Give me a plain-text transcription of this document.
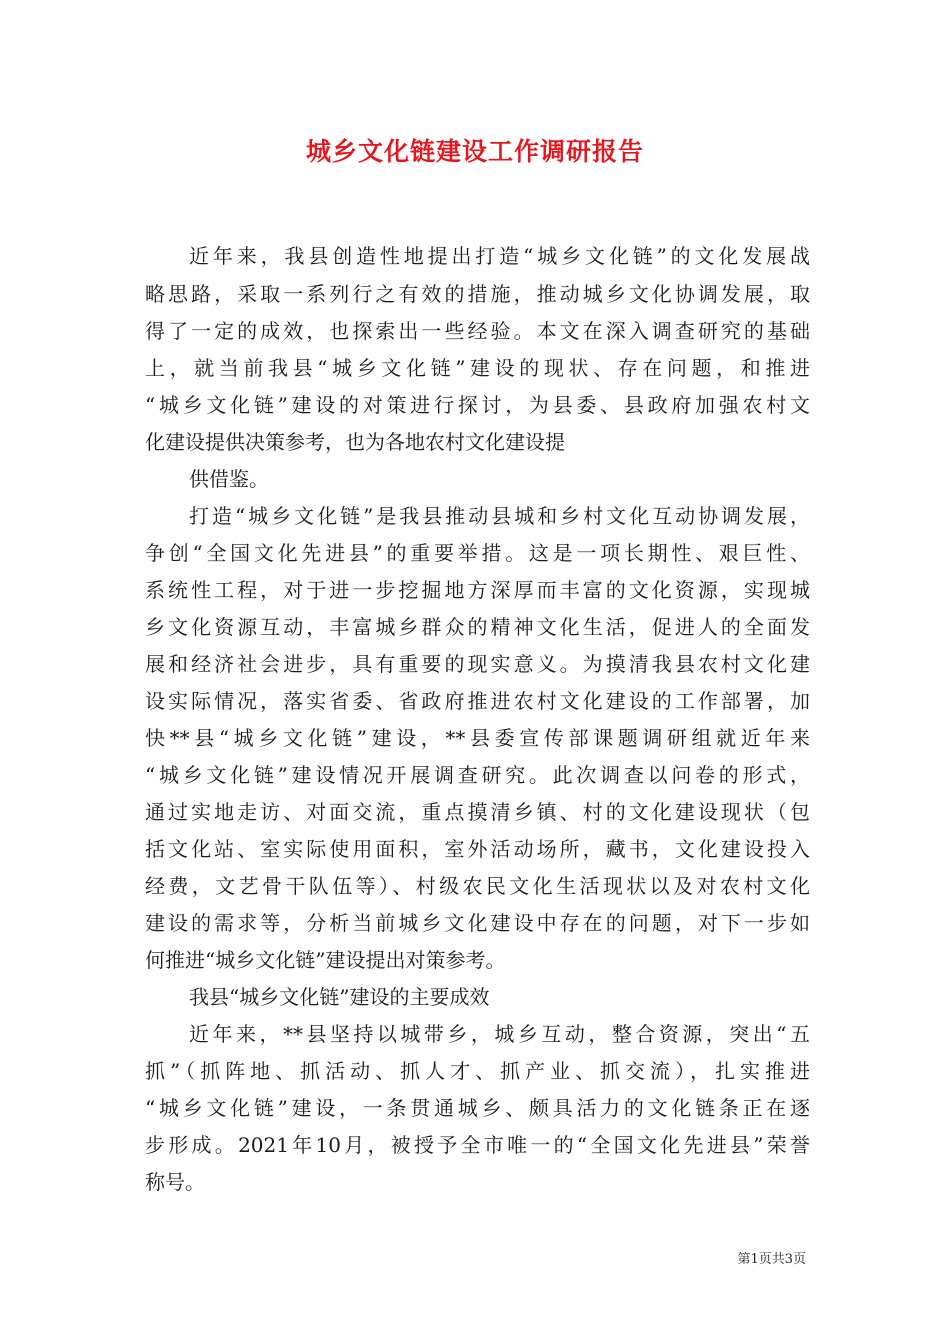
城乡文化链建设工作调研报告
近年来，我县创造性地提出打造“城乡文化链”的文化发展战
略思路，采取一系列行之有效的措施，推动城乡文化协调发展，取
得了一定的成效，也探索出一些经验。本文在深入调查研究的基础
上，就当前我县“城乡文化链”建设的现状、存在问题，和推进
“城乡文化链”建设的对策进行探讨，为县委、县政府加强农村文
化建设提供决策参考，也为各地农村文化建设提
供借鉴。
打造“城乡文化链”是我县推动县城和乡村文化互动协调发展，
争创“全国文化先进县”的重要举措。这是一项长期性、艰巨性、
系统性工程，对于进一步挖掘地方深厚而丰富的文化资源，实现城
乡文化资源互动，丰富城乡群众的精神文化生活，促进人的全面发
展和经济社会进步，具有重要的现实意义。为摸清我县农村文化建
设实际情况，落实省委、省政府推进农村文化建设的工作部署，加
快**县“城乡文化链”建设，**县委宣传部课题调研组就近年来
“城乡文化链”建设情况开展调查研究。此次调查以问卷的形式，
通过实地走访、对面交流，重点摸清乡镇、村的文化建设现状（包
括文化站、室实际使用面积，室外活动场所，藏书，文化建设投入
经费，文艺骨干队伍等）、村级农民文化生活现状以及对农村文化
建设的需求等，分析当前城乡文化建设中存在的问题，对下一步如
何推进“城乡文化链”建设提出对策参考。
我县“城乡文化链”建设的主要成效
近年来，**县坚持以城带乡，城乡互动，整合资源，突出“五
抓”（抓阵地、抓活动、抓人才、抓产业、抓交流），扎实推进
“城乡文化链”建设，一条贯通城乡、颇具活力的文化链条正在逐
步形成。2021年10月，被授予全市唯一的“全国文化先进县”荣誉
称号。
第1页共3页
